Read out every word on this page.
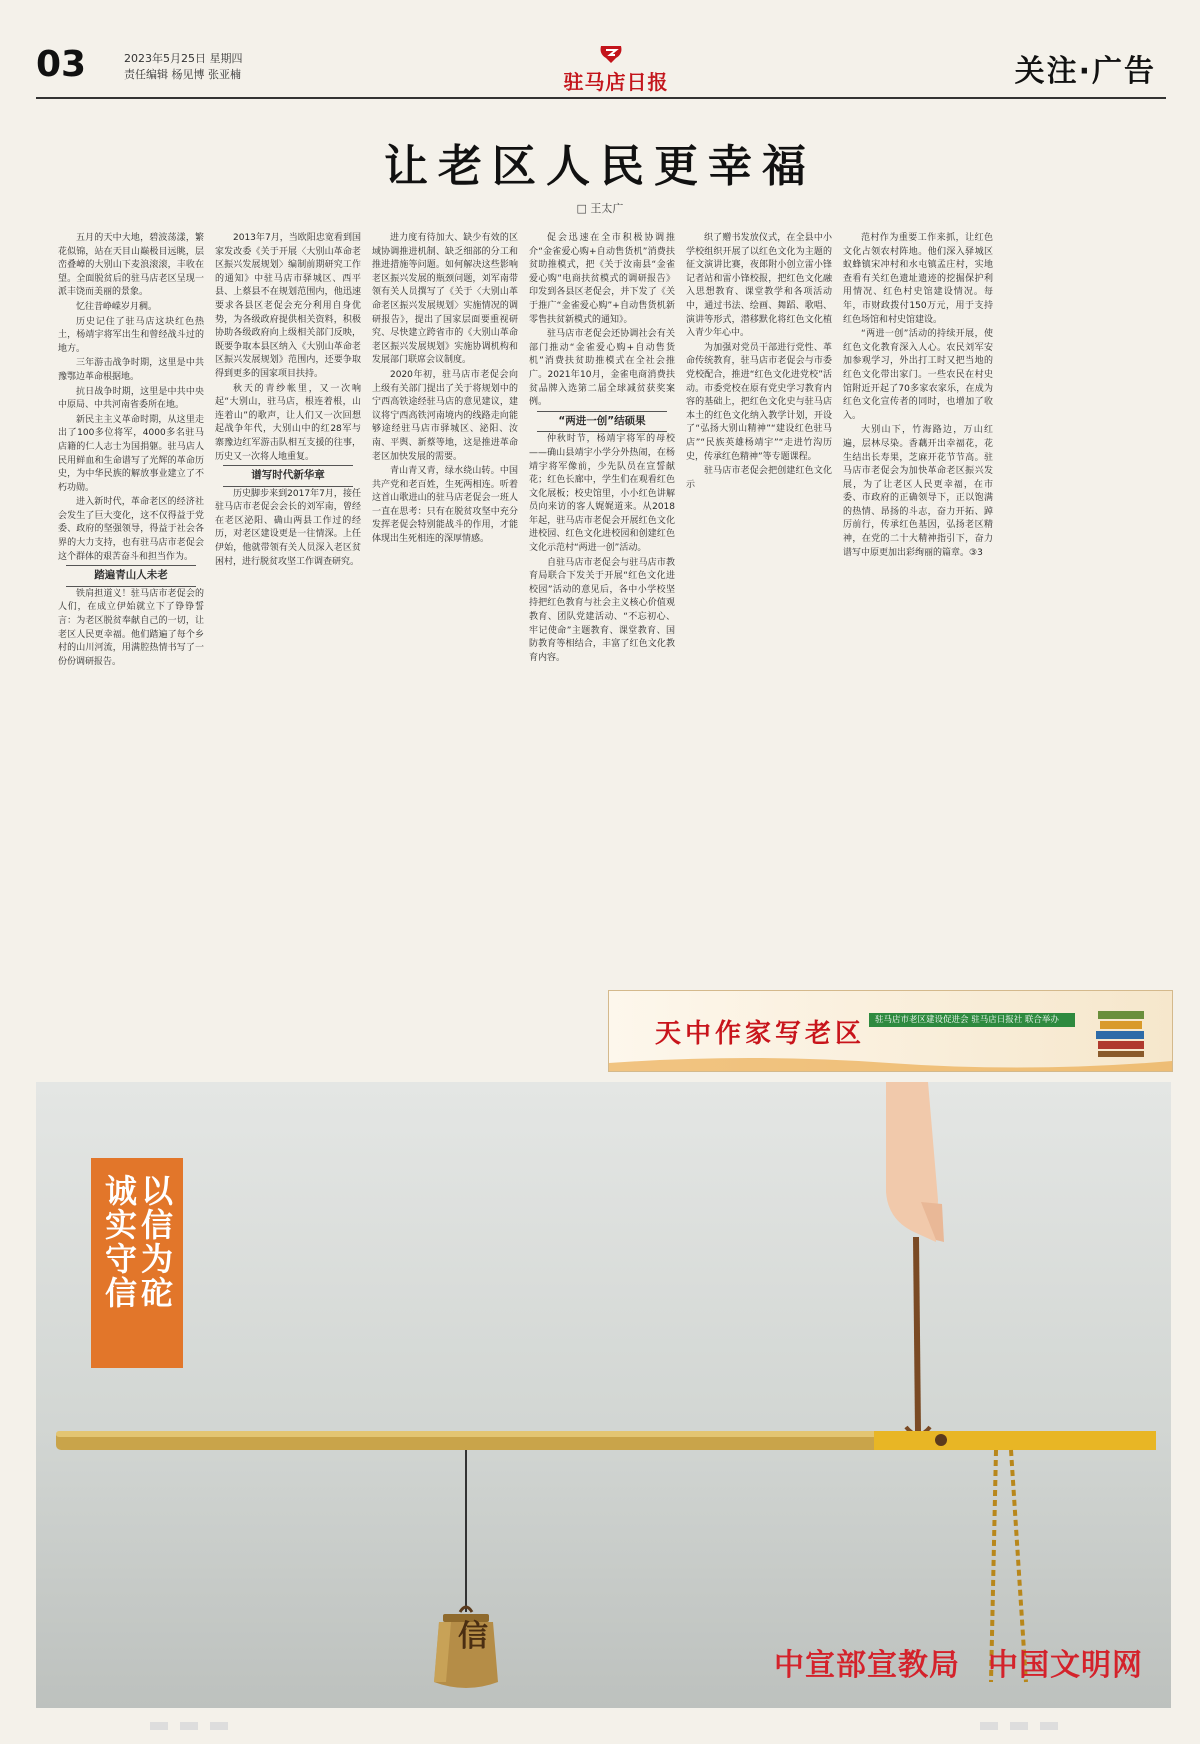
03	2023年5月25日 星期四
责任编辑 杨见博 张亚楠	驻马店日报	关注·广告
让老区人民更幸福
□ 王太广

五月的天中大地，碧波荡漾，繁花似锦，站在天目山巅极目远眺，层峦叠嶂的大别山下麦浪滚滚，丰收在望。全面脱贫后的驻马店老区呈现一派丰饶而美丽的景象。

忆往昔峥嵘岁月稠。

历史记住了驻马店这块红色热土，杨靖宇将军出生和曾经战斗过的地方。

三年游击战争时期，这里是中共豫鄂边革命根据地。

抗日战争时期，这里是中共中央中原局、中共河南省委所在地。

新民主主义革命时期，从这里走出了100多位将军，4000多名驻马店籍的仁人志士为国捐躯。驻马店人民用鲜血和生命谱写了光辉的革命历史，为中华民族的解放事业建立了不朽功勋。

进入新时代，革命老区的经济社会发生了巨大变化，这不仅得益于党委、政府的坚强领导，得益于社会各界的大力支持，也有驻马店市老促会这个群体的艰苦奋斗和担当作为。

踏遍青山人未老

铁肩担道义！驻马店市老促会的人们，在成立伊始就立下了铮铮誓言：为老区脱贫奉献自己的一切，让老区人民更幸福。他们踏遍了每个乡村的山川河流，用满腔热情书写了一份份调研报告。

2013年7月，当欧阳忠宽看到国家发改委《关于开展〈大别山革命老区振兴发展规划〉编制前期研究工作的通知》中驻马店市驿城区、西平县、上蔡县不在规划范围内，他迅速要求各县区老促会充分利用自身优势，为各级政府提供相关资料，积极协助各级政府向上级相关部门反映，既要争取本县区纳入《大别山革命老区振兴发展规划》范围内，还要争取得到更多的国家项目扶持。

秋天的青纱帐里，又一次响起“大别山，驻马店，根连着根，山连着山”的歌声，让人们又一次回想起战争年代，大别山中的红28军与寨豫边红军游击队相互支援的往事，历史又一次将人地重复。

谱写时代新华章

历史脚步来到2017年7月，接任驻马店市老促会会长的刘军南，曾经在老区泌阳、确山两县工作过的经历，对老区建设更是一往情深。上任伊始，他就带领有关人员深入老区贫困村，进行脱贫攻坚工作调查研究。

进力度有待加大、缺少有效的区域协调推进机制、缺乏细部的分工和推进措施等问题。如何解决这些影响老区振兴发展的瓶颈问题，刘军南带领有关人员撰写了《关于〈大别山革命老区振兴发展规划〉实施情况的调研报告》，提出了国家层面要重视研究、尽快建立跨省市的《大别山革命老区振兴发展规划》实施协调机构和发展部门联席会议制度。

2020年初，驻马店市老促会向上级有关部门提出了关于将规划中的宁西高铁途经驻马店的意见建议，建议将宁西高铁河南境内的线路走向能够途经驻马店市驿城区、泌阳、汝南、平舆、新蔡等地，这是推进革命老区加快发展的需要。

青山青又青，绿水绕山转。中国共产党和老百姓，生死两相连。听着这首山歌进山的驻马店老促会一班人一直在思考：只有在脱贫攻坚中充分发挥老促会特别能战斗的作用，才能体现出生死相连的深厚情感。

促会迅速在全市积极协调推介“金雀爱心购+自动售货机”消费扶贫助推模式，把《关于汝南县“金雀爱心购”电商扶贫模式的调研报告》印发到各县区老促会，并下发了《关于推广“金雀爱心购”+自动售货机新零售扶贫新模式的通知》。

驻马店市老促会还协调社会有关部门推动“金雀爱心购+自动售货机”消费扶贫助推模式在全社会推广。2021年10月，金雀电商消费扶贫品牌入选第二届全球减贫获奖案例。

“两进一创”结硕果

仲秋时节，杨靖宇将军的母校——确山县靖宇小学分外热闹，在杨靖宇将军像前，少先队员在宣誓献花；红色长廊中，学生们在观看红色文化展板；校史馆里，小小红色讲解员向来访的客人娓娓道来。从2018年起，驻马店市老促会开展红色文化进校园、红色文化进校园和创建红色文化示范村“两进一创”活动。

自驻马店市老促会与驻马店市教育局联合下发关于开展“红色文化进校园”活动的意见后，各中小学校坚持把红色教育与社会主义核心价值观教育、团队党建活动、“不忘初心、牢记使命”主题教育、课堂教育、国防教育等相结合，丰富了红色文化教育内容。

织了赠书发放仪式，在全县中小学校组织开展了以红色文化为主题的征文演讲比赛，夜郎附小创立雷小锋记者站和雷小锋校报，把红色文化融入思想教育、课堂教学和各项活动中，通过书法、绘画、舞蹈、歌唱、演讲等形式，潜移默化将红色文化植入青少年心中。

为加强对党员干部进行党性、革命传统教育，驻马店市老促会与市委党校配合，推进“红色文化进党校”活动。市委党校在原有党史学习教育内容的基础上，把红色文化史与驻马店本土的红色文化纳入教学计划，开设了“弘扬大别山精神”“建设红色驻马店”“民族英雄杨靖宇”“走进竹沟历史，传承红色精神”等专题课程。

驻马店市老促会把创建红色文化示

范村作为重要工作来抓，让红色文化占领农村阵地。他们深入驿城区蚁蜂镇宋冲村和水屯镇孟庄村，实地查看有关红色遗址遗迹的挖掘保护利用情况、红色村史馆建设情况。每年，市财政拨付150万元，用于支持红色场馆和村史馆建设。

“两进一创”活动的持续开展，使红色文化教育深入人心。农民刘军安加参观学习，外出打工时又把当地的红色文化带出家门。一些农民在村史馆附近开起了70多家农家乐，在成为红色文化宣传者的同时，也增加了收入。

大别山下，竹海路边，万山红遍，层林尽染。香藕开出幸福花，花生结出长寿果，芝麻开花节节高。驻马店市老促会为加快革命老区振兴发展，为了让老区人民更幸福，在市委、市政府的正确领导下，正以饱满的热情、昂扬的斗志，奋力开拓、踔厉前行，传承红色基因，弘扬老区精神，在党的二十大精神指引下，奋力谱写中原更加出彩绚丽的篇章。③3

天中作家写老区	驻马店市老区建设促进会 驻马店日报社 联合举办
以信为砣
诚实守信
中宣部宣教局 中国文明网
信
